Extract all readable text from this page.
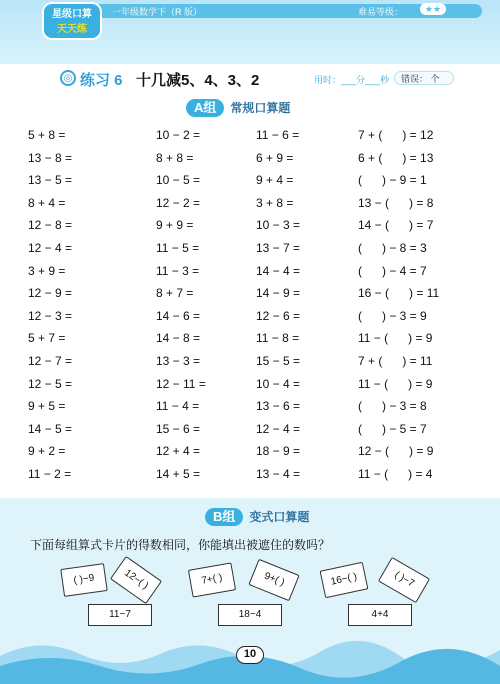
星级口算
天天练
一年级数学下（R 版）	难易等级：	★★
◎ 练习 6 十几减5、4、3、2	用时：___分___秒	错误： 个
A组 常规口算题
5 + 8 =	10 − 2 =	11 − 6 =	7 + (      ) = 12
13 − 8 =	8 + 8 =	6 + 9 =	6 + (      ) = 13
13 − 5 =	10 − 5 =	9 + 4 =	(      ) − 9 = 1
8 + 4 =	12 − 2 =	3 + 8 =	13 − (      ) = 8
12 − 8 =	9 + 9 =	10 − 3 =	14 − (      ) = 7
12 − 4 =	11 − 5 =	13 − 7 =	(      ) − 8 = 3
3 + 9 =	11 − 3 =	14 − 4 =	(      ) − 4 = 7
12 − 9 =	8 + 7 =	14 − 9 =	16 − (      ) = 11
12 − 3 =	14 − 6 =	12 − 6 =	(      ) − 3 = 9
5 + 7 =	14 − 8 =	11 − 8 =	11 − (      ) = 9
12 − 7 =	13 − 3 =	15 − 5 =	7 + (      ) = 11
12 − 5 =	12 − 11 =	10 − 4 =	11 − (      ) = 9
9 + 5 =	11 − 4 =	13 − 6 =	(      ) − 3 = 8
14 − 5 =	15 − 6 =	12 − 4 =	(      ) − 5 = 7
9 + 2 =	12 + 4 =	18 − 9 =	12 − (      ) = 9
11 − 2 =	14 + 5 =	13 − 4 =	11 − (      ) = 4
B组 变式口算题
下面每组算式卡片的得数相同，你能填出被遮住的数吗？
( )−9	12−( )	7+( )	9+( )	16−( )	( )−7
11−7	18−4	4+4
10
